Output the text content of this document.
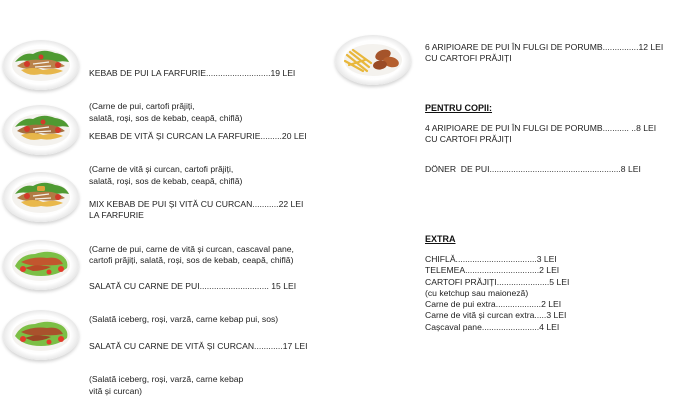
KEBAB DE PUI LA FARFURIE...........................19 LEI

(Carne de pui, cartofi prăjiți,
salată, roși, sos de kebab, ceapă, chiflă)

KEBAB DE VITĂ ȘI CURCAN LA FARFURIE.........20 LEI

(Carne de vită și curcan, cartofi prăjiți,
salată, roși, sos de kebab, ceapă, chiflă)

MIX KEBAB DE PUI ȘI VITĂ CU CURCAN...........22 LEI
LA FARFURIE

(Carne de pui, carne de vită și curcan, cascaval pane,
cartofi prăjiți, salată, roși, sos de kebab, ceapă, chiflă)

SALATĂ CU CARNE DE PUI............................. 15 LEI

(Salată iceberg, roși, varză, carne kebap pui, sos)

SALATĂ CU CARNE DE VITĂ ȘI CURCAN............17 LEI

(Salată iceberg, roși, varză, carne kebap
vită și curcan)

6 ARIPIOARE DE PUI ÎN FULGI DE PORUMB...............12 LEI
CU CARTOFI PRĂJIȚI
PENTRU COPII:
4 ARIPIOARE DE PUI ÎN FULGI DE PORUMB........... ..8 LEI
CU CARTOFI PRĂJIȚI
DÖNER  DE PUI.......................................................8 LEI
EXTRA
CHIFLĂ..................................3 LEI
TELEMEA...............................2 LEI
CARTOFI PRĂJIȚI......................5 LEI
(cu ketchup sau maioneză)
Carne de pui extra...................2 LEI
Carne de vită și curcan extra.....3 LEI
Cașcaval pane........................4 LEI
